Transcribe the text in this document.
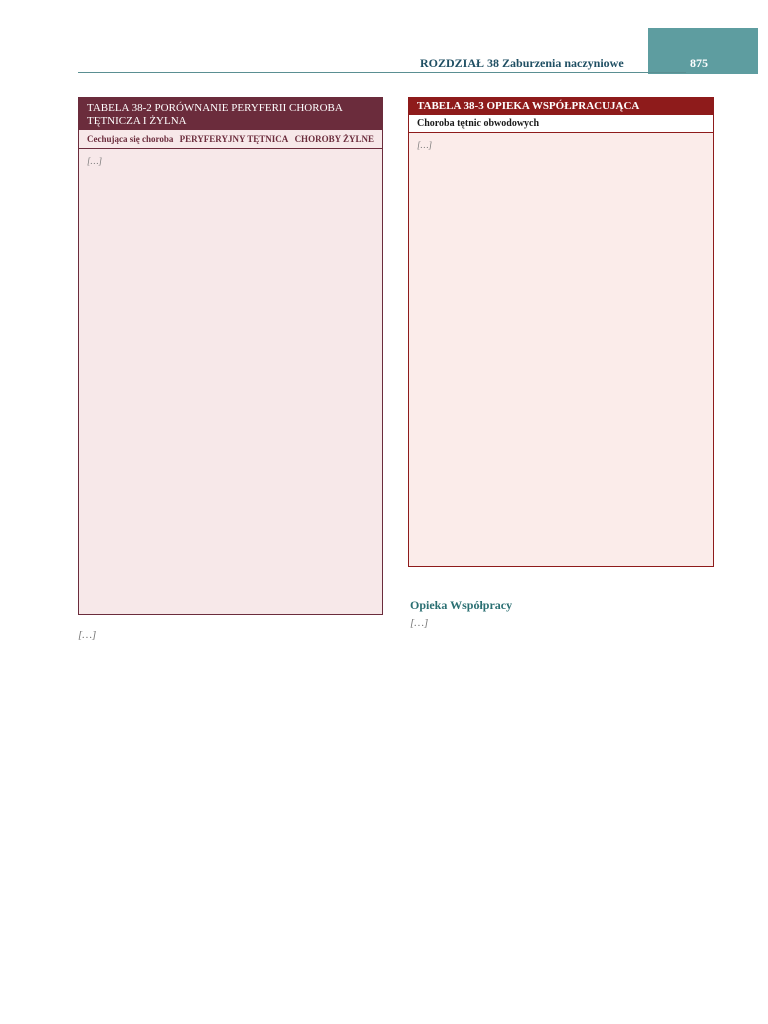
ROZDZIAŁ 38 Zaburzenia naczyniowe	875
TABELA 38-2 PORÓWNANIE PERYFERII CHOROBA TĘTNICZA I ŻYLNA
Cechująca się choroba PERYFERYJNY TĘTNICA CHOROBY ŻYLNE
[…]
TABELA 38-3 OPIEKA WSPÓŁPRACUJĄCA
Choroba tętnic obwodowych
[…]
Opieka Współpracy
[…]
[…]
